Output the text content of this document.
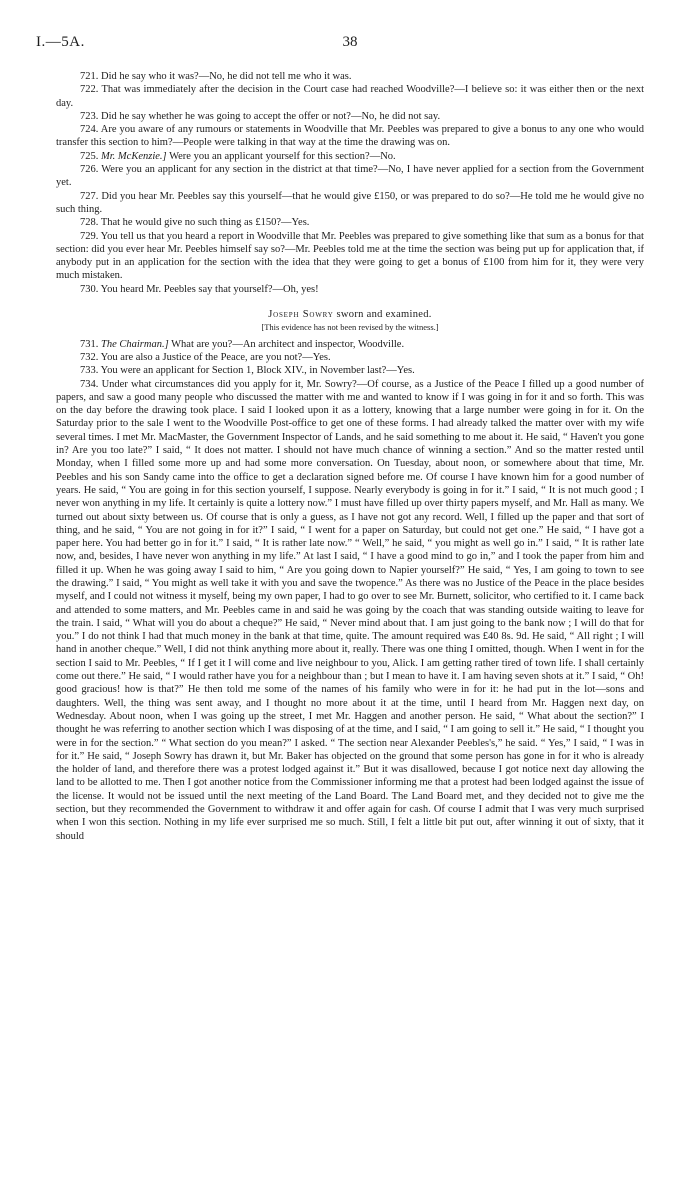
I.—5A.	38

721. Did he say who it was?—No, he did not tell me who it was.

722. That was immediately after the decision in the Court case had reached Woodville?—I believe so: it was either then or the next day.

723. Did he say whether he was going to accept the offer or not?—No, he did not say.

724. Are you aware of any rumours or statements in Woodville that Mr. Peebles was prepared to give a bonus to any one who would transfer this section to him?—People were talking in that way at the time the drawing was on.

725. Mr. McKenzie.] Were you an applicant yourself for this section?—No.

726. Were you an applicant for any section in the district at that time?—No, I have never applied for a section from the Government yet.

727. Did you hear Mr. Peebles say this yourself—that he would give £150, or was prepared to do so?—He told me he would give no such thing.

728. That he would give no such thing as £150?—Yes.

729. You tell us that you heard a report in Woodville that Mr. Peebles was prepared to give something like that sum as a bonus for that section: did you ever hear Mr. Peebles himself say so?—Mr. Peebles told me at the time the section was being put up for application that, if anybody put in an application for the section with the idea that they were going to get a bonus of £100 from him for it, they were very much mistaken.

730. You heard Mr. Peebles say that yourself?—Oh, yes!

Joseph Sowry sworn and examined.

[This evidence has not been revised by the witness.]

731. The Chairman.] What are you?—An architect and inspector, Woodville.

732. You are also a Justice of the Peace, are you not?—Yes.

733. You were an applicant for Section 1, Block XIV., in November last?—Yes.

734. Under what circumstances did you apply for it, Mr. Sowry?—Of course, as a Justice of the Peace I filled up a good number of papers, and saw a good many people who discussed the matter with me and wanted to know if I was going in for it and so forth. This was on the day before the drawing took place. I said I looked upon it as a lottery, knowing that a large number were going in for it. On the Saturday prior to the sale I went to the Woodville Post-office to get one of these forms. I had already talked the matter over with my wife several times. I met Mr. MacMaster, the Government Inspector of Lands, and he said something to me about it. He said, “ Haven't you gone in? Are you too late?” I said, “ It does not matter. I should not have much chance of winning a section.” And so the matter rested until Monday, when I filled some more up and had some more conversation. On Tuesday, about noon, or somewhere about that time, Mr. Peebles and his son Sandy came into the office to get a declaration signed before me. Of course I have known him for a good number of years. He said, “ You are going in for this section yourself, I suppose. Nearly everybody is going in for it.” I said, “ It is not much good ; I never won anything in my life. It certainly is quite a lottery now.” I must have filled up over thirty papers myself, and Mr. Hall as many. We turned out about sixty between us. Of course that is only a guess, as I have not got any record. Well, I filled up the paper and that sort of thing, and he said, “ You are not going in for it?” I said, “ I went for a paper on Saturday, but could not get one.” He said, “ I have got a paper here. You had better go in for it.” I said, “ It is rather late now.” “ Well,” he said, “ you might as well go in.” I said, “ It is rather late now, and, besides, I have never won anything in my life.” At last I said, “ I have a good mind to go in,” and I took the paper from him and filled it up. When he was going away I said to him, “ Are you going down to Napier yourself?” He said, “ Yes, I am going to town to see the drawing.” I said, “ You might as well take it with you and save the twopence.” As there was no Justice of the Peace in the place besides myself, and I could not witness it myself, being my own paper, I had to go over to see Mr. Burnett, solicitor, who certified to it. I came back and attended to some matters, and Mr. Peebles came in and said he was going by the coach that was standing outside waiting to leave for the train. I said, “ What will you do about a cheque?” He said, “ Never mind about that. I am just going to the bank now ; I will do that for you.” I do not think I had that much money in the bank at that time, quite. The amount required was £40 8s. 9d. He said, “ All right ; I will hand in another cheque.” Well, I did not think anything more about it, really. There was one thing I omitted, though. When I went in for the section I said to Mr. Peebles, “ If I get it I will come and live neighbour to you, Alick. I am getting rather tired of town life. I shall certainly come out there.” He said, “ I would rather have you for a neighbour than ; but I mean to have it. I am having seven shots at it.” I said, “ Oh! good gracious! how is that?” He then told me some of the names of his family who were in for it: he had put in the lot—sons and daughters. Well, the thing was sent away, and I thought no more about it at the time, until I heard from Mr. Haggen next day, on Wednesday. About noon, when I was going up the street, I met Mr. Haggen and another person. He said, “ What about the section?” I thought he was referring to another section which I was disposing of at the time, and I said, “ I am going to sell it.” He said, “ I thought you were in for the section.” “ What section do you mean?” I asked. “ The section near Alexander Peebles's,” he said. “ Yes,” I said, “ I was in for it.” He said, “ Joseph Sowry has drawn it, but Mr. Baker has objected on the ground that some person has gone in for it who is already the holder of land, and therefore there was a protest lodged against it.” But it was disallowed, because I got notice next day allowing the land to be allotted to me. Then I got another notice from the Commissioner informing me that a protest had been lodged against the issue of the license. It would not be issued until the next meeting of the Land Board. The Land Board met, and they decided not to give me the section, but they recommended the Government to withdraw it and offer again for cash. Of course I admit that I was very much surprised when I won this section. Nothing in my life ever surprised me so much. Still, I felt a little bit put out, after winning it out of sixty, that it should
